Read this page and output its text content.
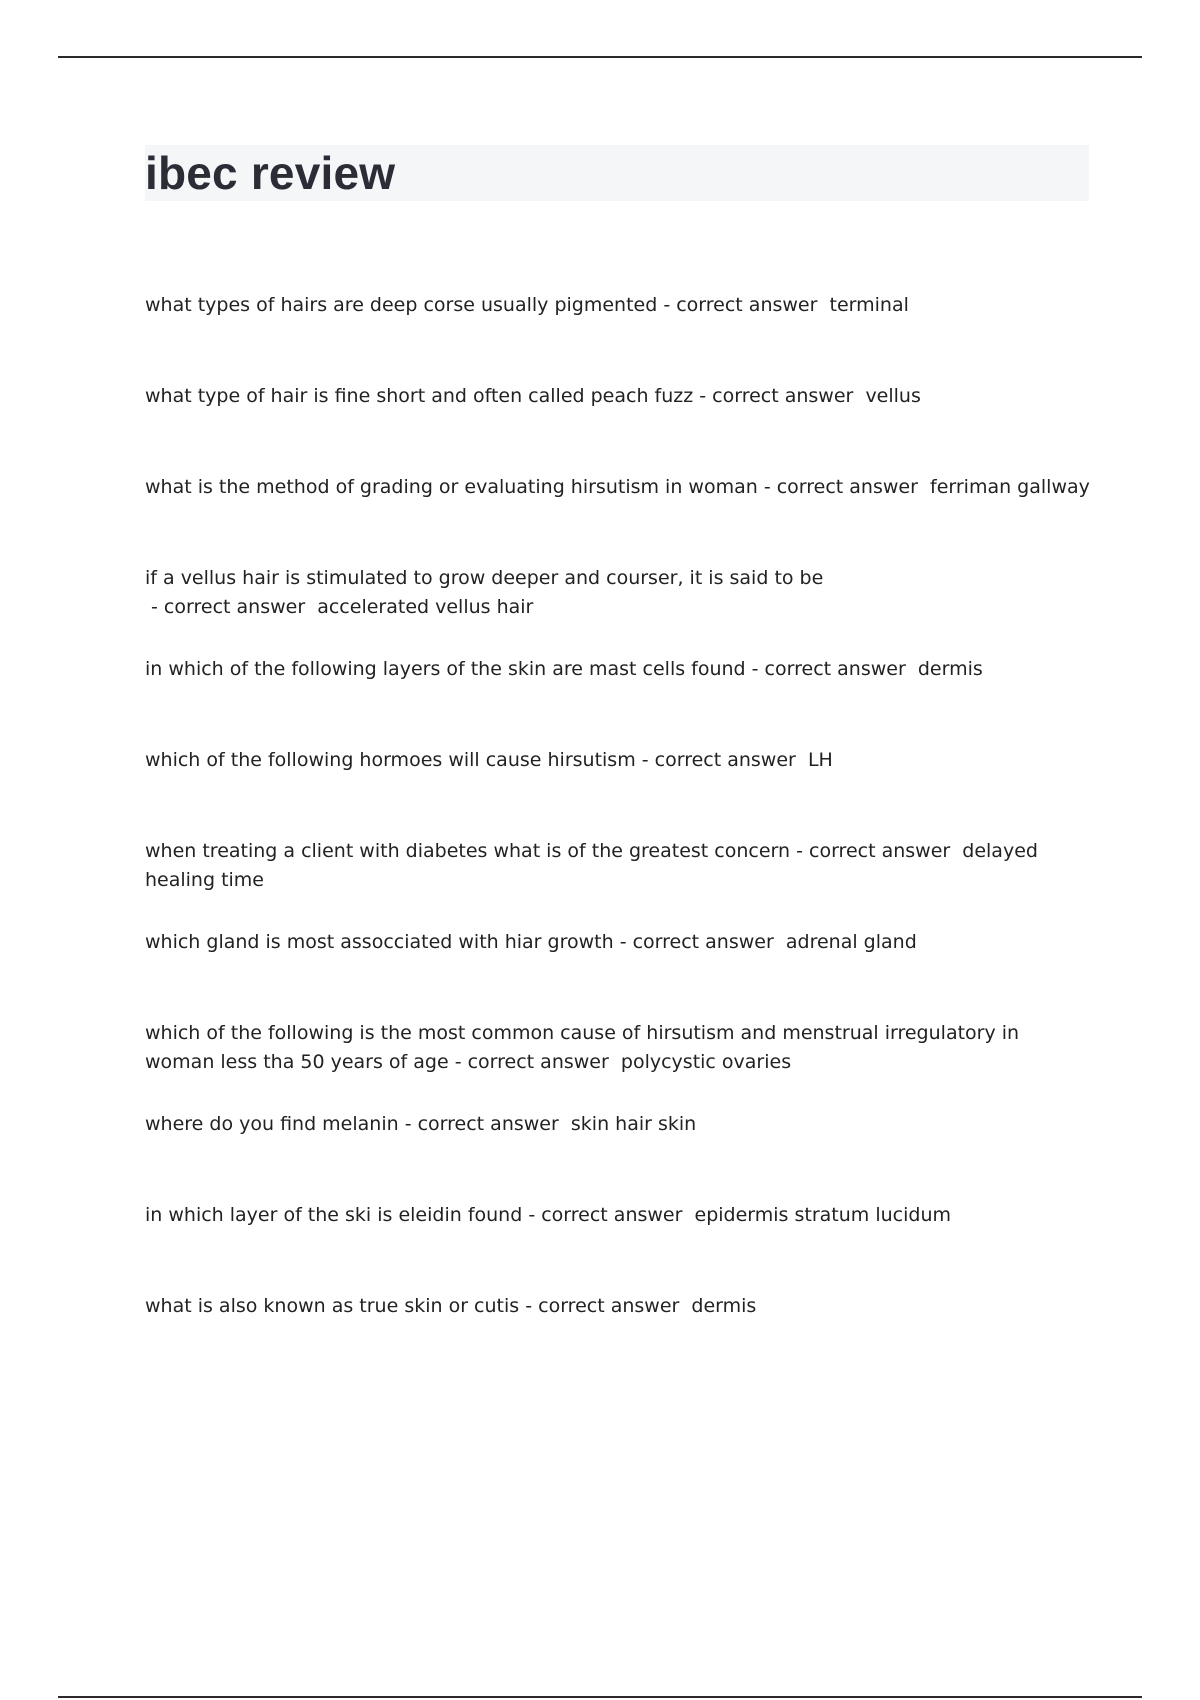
ibec review
what types of hairs are deep corse usually pigmented - correct answer  terminal
what type of hair is fine short and often called peach fuzz - correct answer  vellus
what is the method of grading or evaluating hirsutism in woman - correct answer  ferriman gallway
if a vellus hair is stimulated to grow deeper and courser, it is said to be - correct answer  accelerated vellus hair
in which of the following layers of the skin are mast cells found - correct answer  dermis
which of the following hormoes will cause hirsutism - correct answer  LH
when treating a client with diabetes what is of the greatest concern - correct answer  delayed healing time
which gland is most assocciated with hiar growth - correct answer  adrenal gland
which of the following is the most common cause of hirsutism and menstrual irregulatory in woman less tha 50 years of age - correct answer  polycystic ovaries
where do you find melanin - correct answer  skin hair skin
in which layer of the ski is eleidin found - correct answer  epidermis stratum lucidum
what is also known as true skin or cutis - correct answer  dermis
